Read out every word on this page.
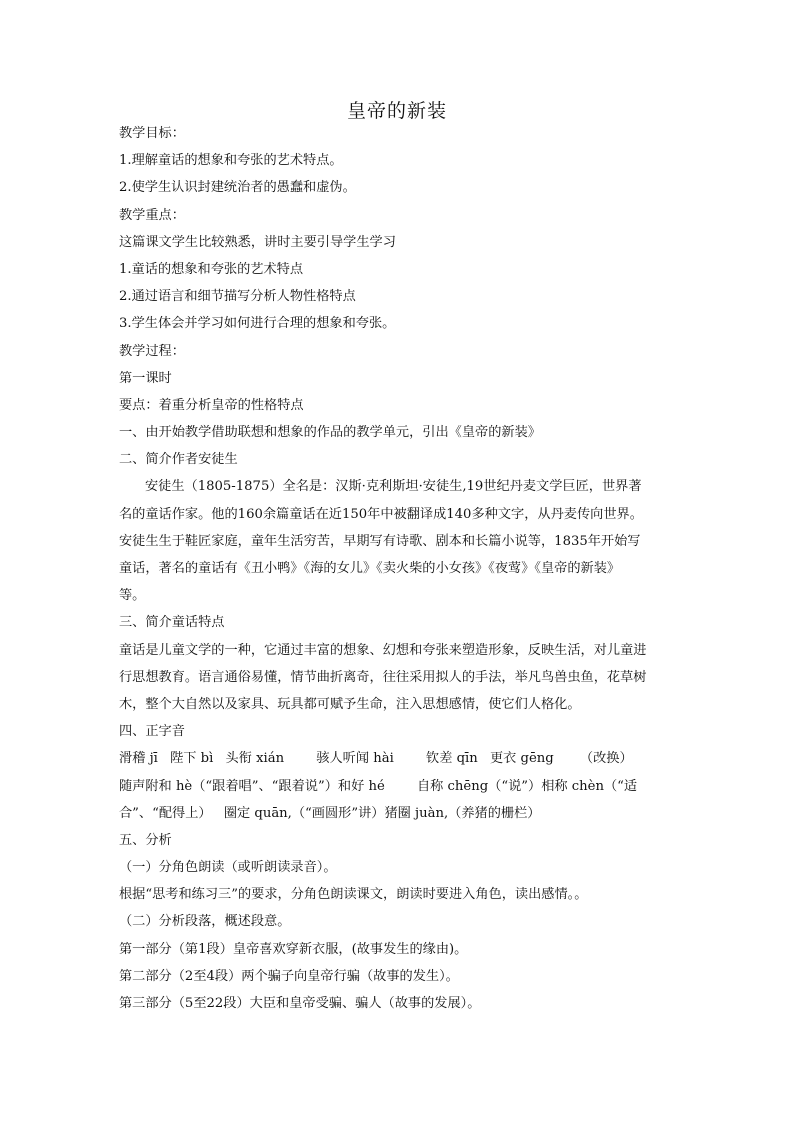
皇帝的新装
教学目标：
1.理解童话的想象和夸张的艺术特点。
2.使学生认识封建统治者的愚蠢和虚伪。
教学重点：
这篇课文学生比较熟悉，讲时主要引导学生学习
1.童话的想象和夸张的艺术特点
2.通过语言和细节描写分析人物性格特点
3.学生体会并学习如何进行合理的想象和夸张。
教学过程：
第一课时
要点：着重分析皇帝的性格特点
一、由开始教学借助联想和想象的作品的教学单元，引出《皇帝的新装》
二、简介作者安徒生
安徒生（1805-1875）全名是：汉斯·克利斯坦·安徒生,19世纪丹麦文学巨匠，世界著
名的童话作家。他的160余篇童话在近150年中被翻译成140多种文字，从丹麦传向世界。
安徒生生于鞋匠家庭，童年生活穷苦，早期写有诗歌、剧本和长篇小说等，1835年开始写
童话，著名的童话有《丑小鸭》《海的女儿》《卖火柴的小女孩》《夜莺》《皇帝的新装》
等。
三、简介童话特点
童话是儿童文学的一种，它通过丰富的想象、幻想和夸张来塑造形象，反映生活，对儿童进
行思想教育。语言通俗易懂，情节曲折离奇，往往采用拟人的手法，举凡鸟兽虫鱼，花草树
木，整个大自然以及家具、玩具都可赋予生命，注入思想感情，使它们人格化。
四、正字音
滑稽 jī 陛下 bì 头衔 xián 骇人听闻 hài 钦差 qīn 更衣 gēng （改换）
随声附和 hè（“跟着唱”、“跟着说”）和好 hé 自称 chēng（“说”）相称 chèn（“适
合”、“配得上） 圈定 quān,（“画圆形”讲）猪圈 juàn,（养猪的栅栏）
五、分析
（一）分角色朗读（或听朗读录音）。
根据“思考和练习三”的要求，分角色朗读课文，朗读时要进入角色，读出感情。。
（二）分析段落，概述段意。
第一部分（第1段）皇帝喜欢穿新衣服，(故事发生的缘由)。
第二部分（2至4段）两个骗子向皇帝行骗（故事的发生）。
第三部分（5至22段）大臣和皇帝受骗、骗人（故事的发展）。
